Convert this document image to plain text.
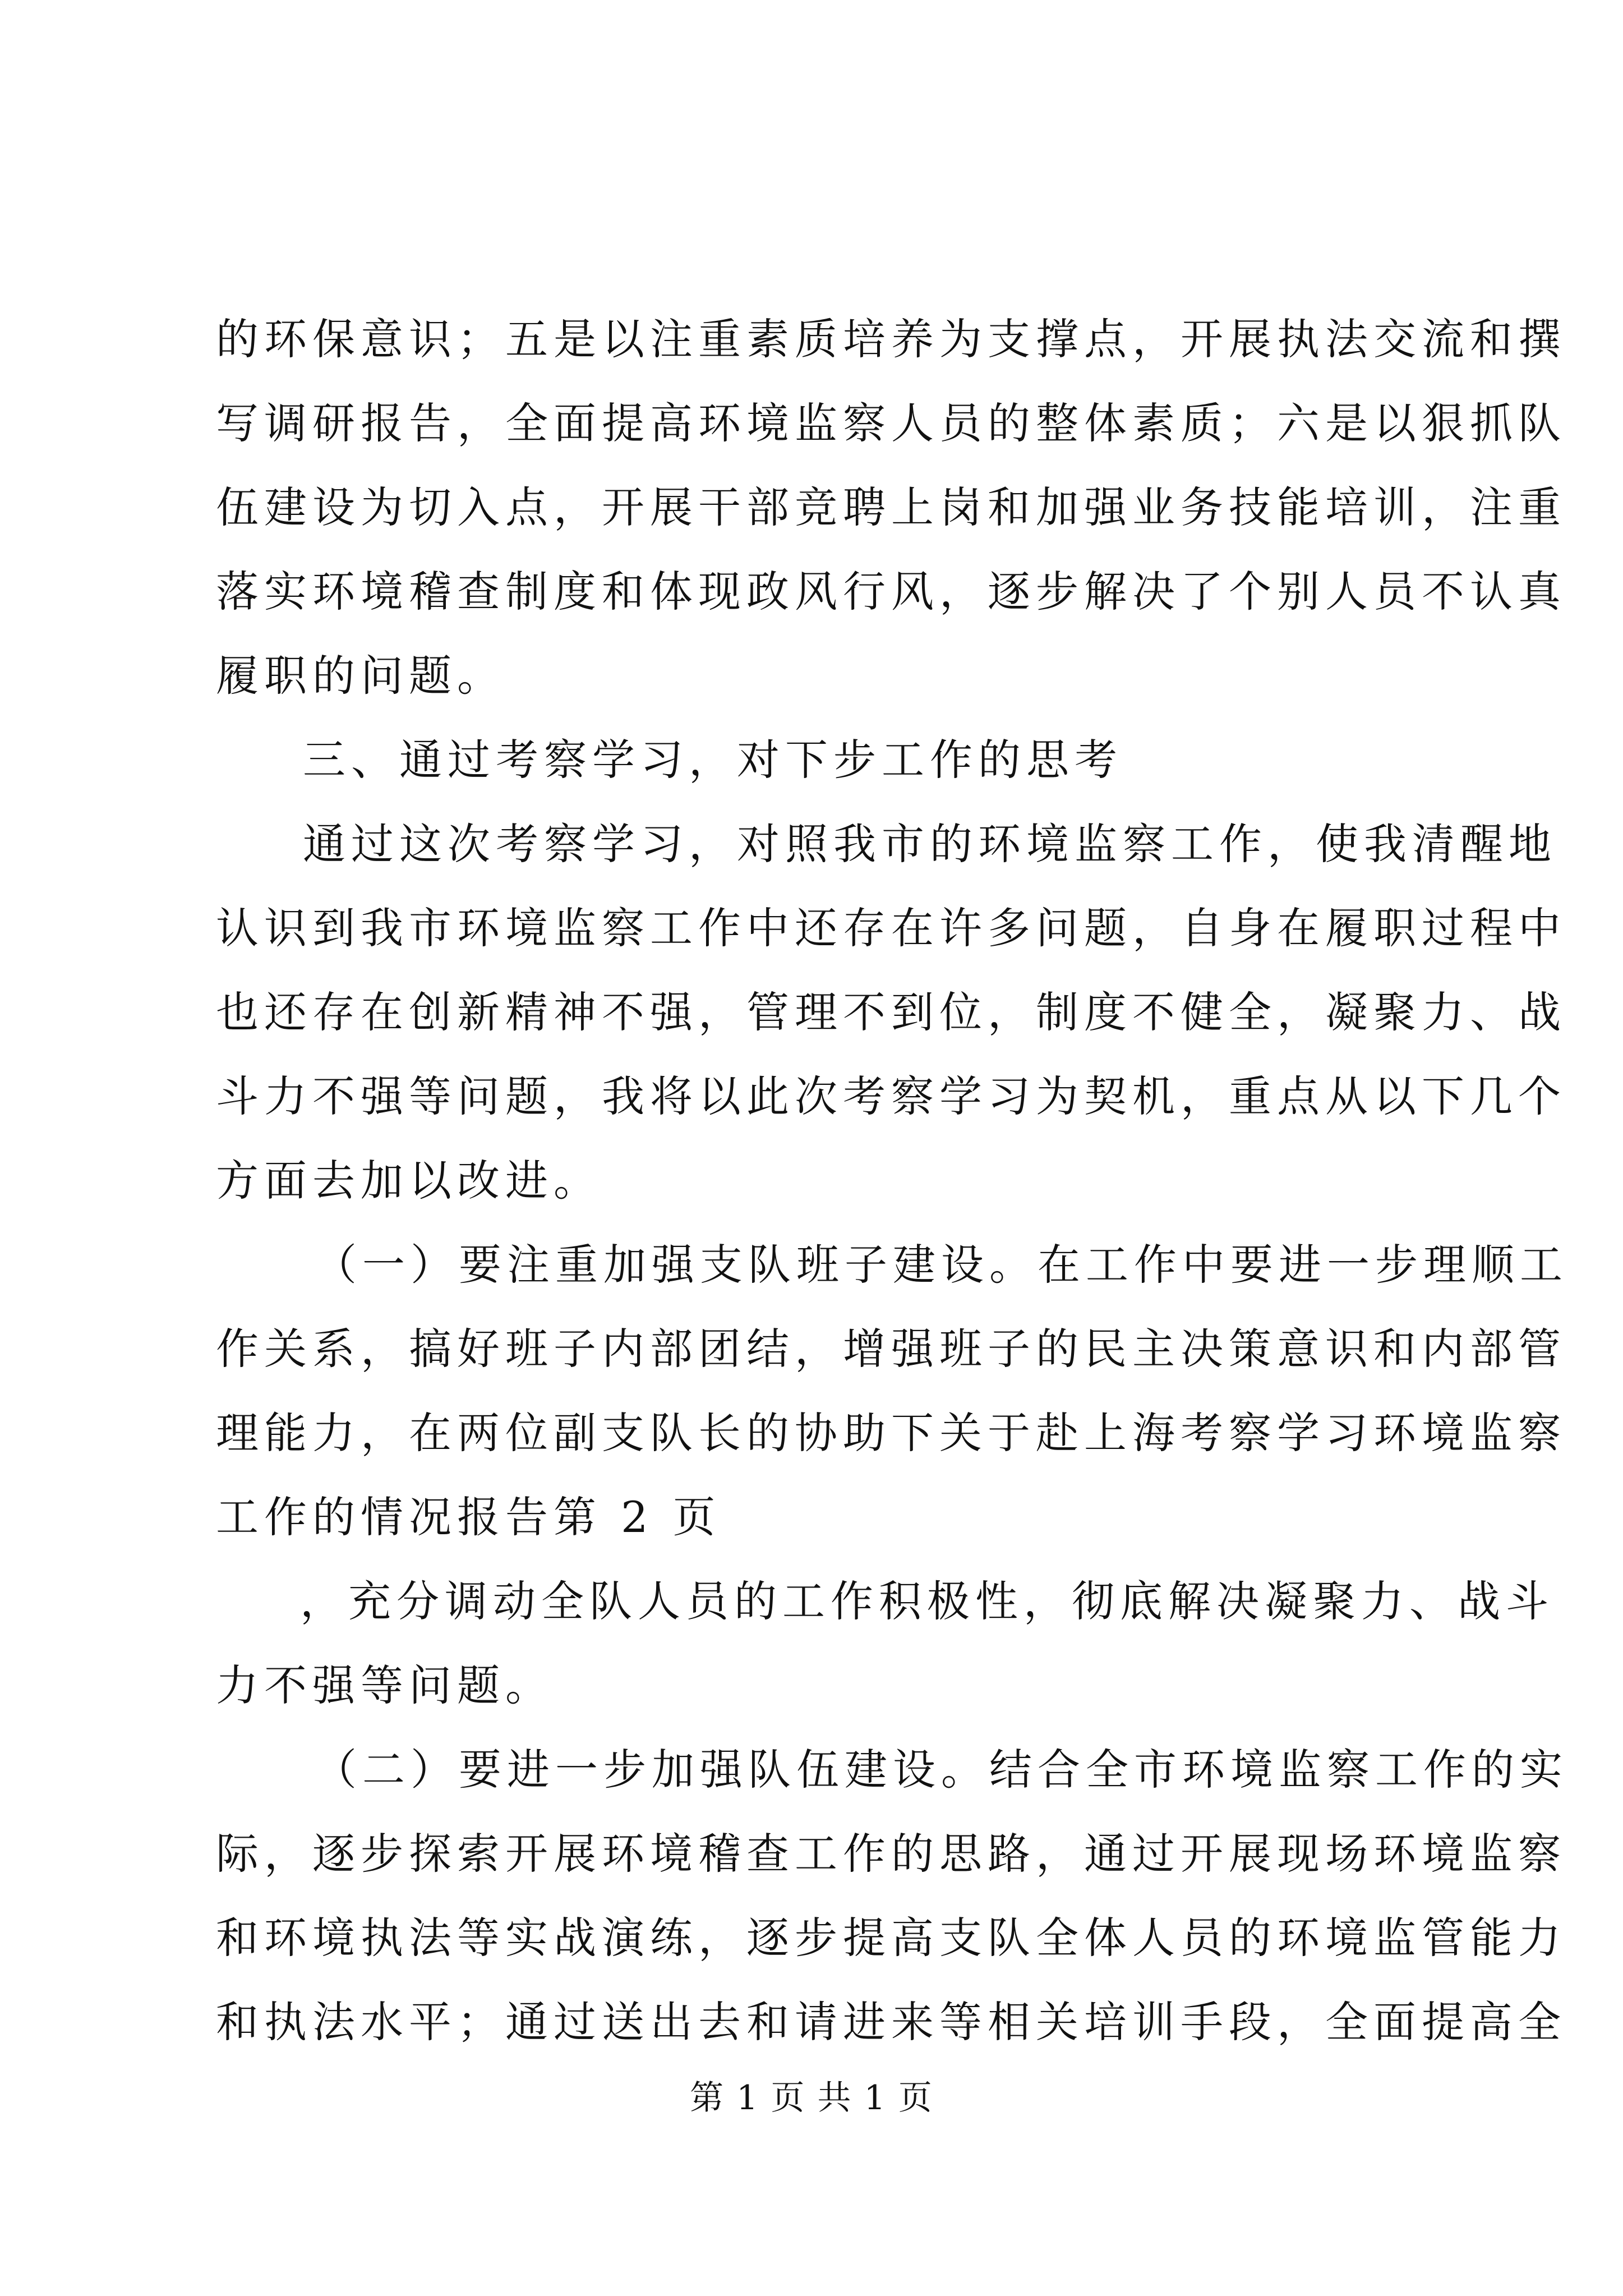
的环保意识；五是以注重素质培养为支撑点，开展执法交流和撰
写调研报告，全面提高环境监察人员的整体素质；六是以狠抓队
伍建设为切入点，开展干部竞聘上岗和加强业务技能培训，注重
落实环境稽查制度和体现政风行风，逐步解决了个别人员不认真
履职的问题。
三、通过考察学习，对下步工作的思考
通过这次考察学习，对照我市的环境监察工作，使我清醒地
认识到我市环境监察工作中还存在许多问题，自身在履职过程中
也还存在创新精神不强，管理不到位，制度不健全，凝聚力、战
斗力不强等问题，我将以此次考察学习为契机，重点从以下几个
方面去加以改进。
（一）要注重加强支队班子建设。在工作中要进一步理顺工
作关系，搞好班子内部团结，增强班子的民主决策意识和内部管
理能力，在两位副支队长的协助下关于赴上海考察学习环境监察
工作的情况报告第 2 页
，充分调动全队人员的工作积极性，彻底解决凝聚力、战斗
力不强等问题。
（二）要进一步加强队伍建设。结合全市环境监察工作的实
际，逐步探索开展环境稽查工作的思路，通过开展现场环境监察
和环境执法等实战演练，逐步提高支队全体人员的环境监管能力
和执法水平；通过送出去和请进来等相关培训手段，全面提高全
第 1 页 共 1 页
